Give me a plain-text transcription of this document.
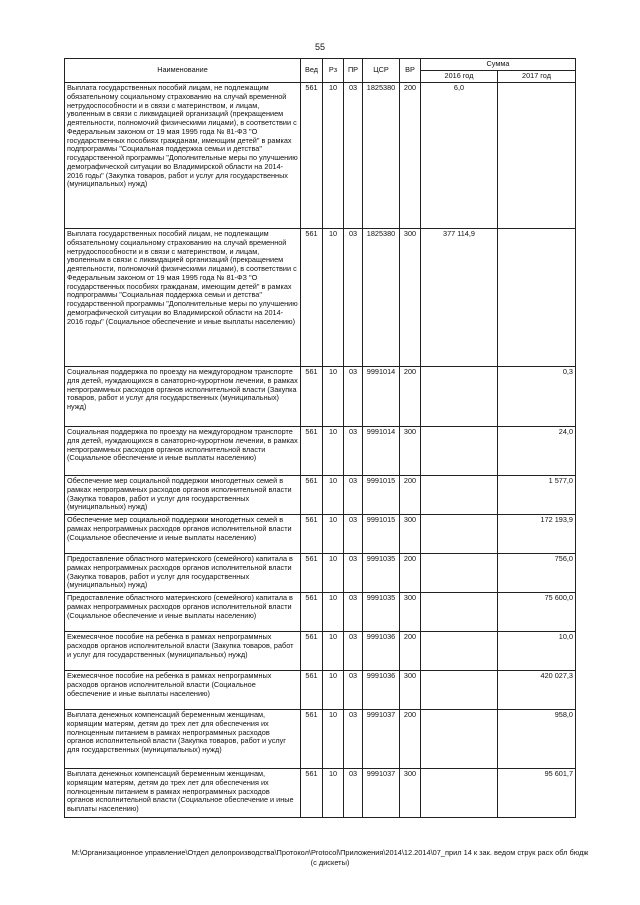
55
Наименование	Вед	Рз	ПР	ЦСР	ВР	Сумма	
						2016 год	2017 год
Выплата государственных пособий лицам, не подлежащим обязательному социальному страхованию на случай временной нетрудоспособности и в связи с материнством, и лицам, уволенным в связи с ликвидацией организаций (прекращением деятельности, полномочий физическими лицами), в соответствии с Федеральным законом от 19 мая 1995 года № 81-ФЗ "О государственных пособиях гражданам, имеющим детей" в рамках подпрограммы "Социальная поддержка семьи и детства" государственной программы "Дополнительные меры по улучшению демографической ситуации во Владимирской области на 2014-2016 годы" (Закупка товаров, работ и услуг для государственных (муниципальных) нужд)	561	10	03	1825380	200	6,0	
Выплата государственных пособий лицам, не подлежащим обязательному социальному страхованию на случай временной нетрудоспособности и в связи с материнством, и лицам, уволенным в связи с ликвидацией организаций (прекращением деятельности, полномочий физическими лицами), в соответствии с Федеральным законом от 19 мая 1995 года № 81-ФЗ "О государственных пособиях гражданам, имеющим детей" в рамках подпрограммы "Социальная поддержка семьи и детства" государственной программы "Дополнительные меры по улучшению демографической ситуации во Владимирской области на 2014-2016 годы" (Социальное обеспечение и иные выплаты населению)	561	10	03	1825380	300	377 114,9	
Социальная поддержка по проезду на междугородном транспорте для детей, нуждающихся в санаторно-курортном лечении, в рамках непрограммных расходов органов исполнительной власти (Закупка товаров, работ и услуг для государственных (муниципальных) нужд)	561	10	03	9991014	200		0,3
Социальная поддержка по проезду на междугородном транспорте для детей, нуждающихся в санаторно-курортном лечении, в рамках непрограммных расходов органов исполнительной власти (Социальное обеспечение и иные выплаты населению)	561	10	03	9991014	300		24,0
Обеспечение мер социальной поддержки многодетных семей в рамках непрограммных расходов органов исполнительной власти (Закупка товаров, работ и услуг для государственных (муниципальных) нужд)	561	10	03	9991015	200		1 577,0
Обеспечение мер социальной поддержки многодетных семей в рамках непрограммных расходов органов исполнительной власти (Социальное обеспечение и иные выплаты населению)	561	10	03	9991015	300		172 193,9
Предоставление областного материнского (семейного) капитала в рамках непрограммных расходов органов исполнительной власти (Закупка товаров, работ и услуг для государственных (муниципальных) нужд)	561	10	03	9991035	200		756,0
Предоставление областного материнского (семейного) капитала в рамках непрограммных расходов органов исполнительной власти (Социальное обеспечение и иные выплаты населению)	561	10	03	9991035	300		75 600,0
Ежемесячное пособие на ребенка в рамках непрограммных расходов органов исполнительной власти (Закупка товаров, работ и услуг для государственных (муниципальных) нужд)	561	10	03	9991036	200		10,0
Ежемесячное пособие на ребенка в рамках непрограммных расходов органов исполнительной власти (Социальное обеспечение и иные выплаты населению)	561	10	03	9991036	300		420 027,3
Выплата денежных компенсаций беременным женщинам, кормящим матерям, детям до трех лет для обеспечения их полноценным питанием в рамках непрограммных расходов органов исполнительной власти (Закупка товаров, работ и услуг для государственных (муниципальных) нужд)	561	10	03	9991037	200		958,0
Выплата денежных компенсаций беременным женщинам, кормящим матерям, детям до трех лет для обеспечения их полноценным питанием в рамках непрограммных расходов органов исполнительной власти (Социальное обеспечение и иные выплаты населению)	561	10	03	9991037	300		95 601,7
M:\Организационное управление\Отдел делопроизводства\Протокол\Protocol\Приложения\2014\12.2014\07_прил 14 к зак. ведом струк расх обл бюдж (с дискеты)
